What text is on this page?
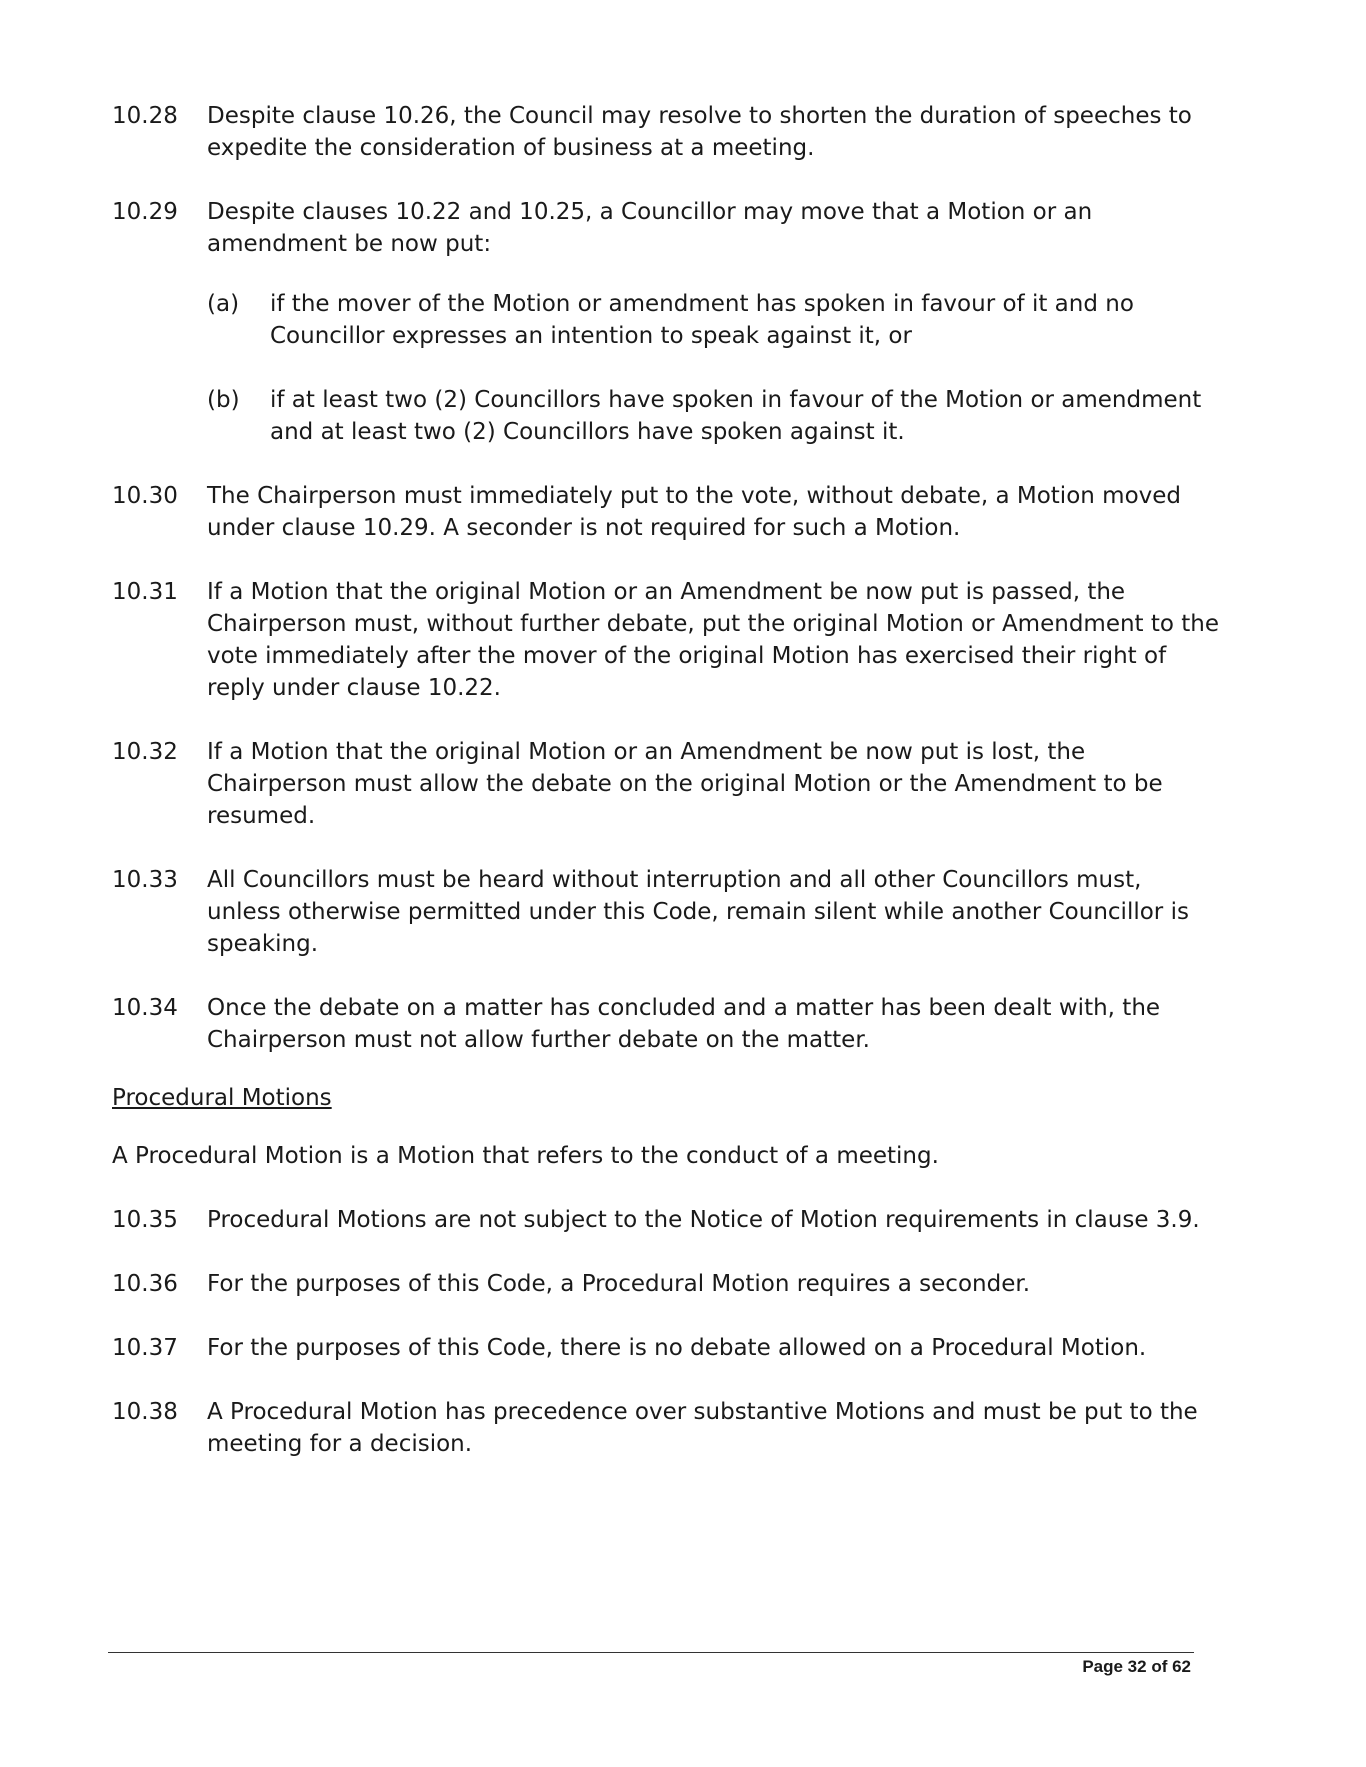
10.28	Despite clause 10.26, the Council may resolve to shorten the duration of speeches to expedite the consideration of business at a meeting.
10.29	Despite clauses 10.22 and 10.25, a Councillor may move that a Motion or an amendment be now put:
(a)	if the mover of the Motion or amendment has spoken in favour of it and no Councillor expresses an intention to speak against it, or
(b)	if at least two (2) Councillors have spoken in favour of the Motion or amendment and at least two (2) Councillors have spoken against it.
10.30	The Chairperson must immediately put to the vote, without debate, a Motion moved under clause 10.29. A seconder is not required for such a Motion.
10.31	If a Motion that the original Motion or an Amendment be now put is passed, the Chairperson must, without further debate, put the original Motion or Amendment to the vote immediately after the mover of the original Motion has exercised their right of reply under clause 10.22.
10.32	If a Motion that the original Motion or an Amendment be now put is lost, the Chairperson must allow the debate on the original Motion or the Amendment to be resumed.
10.33	All Councillors must be heard without interruption and all other Councillors must, unless otherwise permitted under this Code, remain silent while another Councillor is speaking.
10.34	Once the debate on a matter has concluded and a matter has been dealt with, the Chairperson must not allow further debate on the matter.
Procedural Motions
A Procedural Motion is a Motion that refers to the conduct of a meeting.
10.35	Procedural Motions are not subject to the Notice of Motion requirements in clause 3.9.
10.36	For the purposes of this Code, a Procedural Motion requires a seconder.
10.37	For the purposes of this Code, there is no debate allowed on a Procedural Motion.
10.38	A Procedural Motion has precedence over substantive Motions and must be put to the meeting for a decision.
Page 32 of 62
